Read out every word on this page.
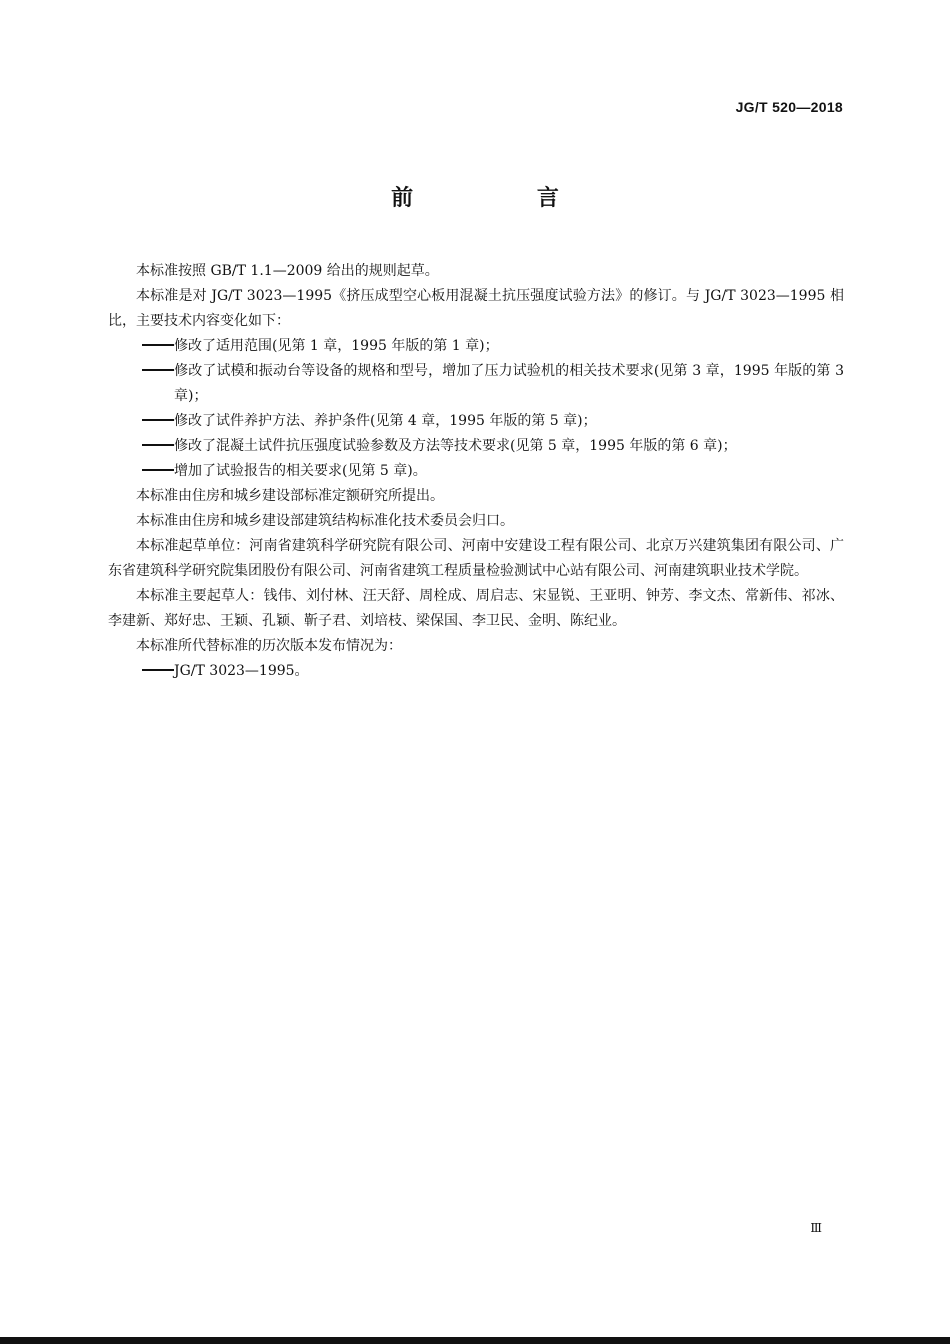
JG/T 520—2018
前 言

本标准按照 GB/T 1.1—2009 给出的规则起草。

本标准是对 JG/T 3023—1995《挤压成型空心板用混凝土抗压强度试验方法》的修订。与 JG/T 3023—1995 相比，主要技术内容变化如下：

修改了适用范围(见第 1 章，1995 年版的第 1 章)；

修改了试模和振动台等设备的规格和型号，增加了压力试验机的相关技术要求(见第 3 章，1995 年版的第 3 章)；

修改了试件养护方法、养护条件(见第 4 章，1995 年版的第 5 章)；

修改了混凝土试件抗压强度试验参数及方法等技术要求(见第 5 章，1995 年版的第 6 章)；

增加了试验报告的相关要求(见第 5 章)。

本标准由住房和城乡建设部标准定额研究所提出。

本标准由住房和城乡建设部建筑结构标准化技术委员会归口。

本标准起草单位：河南省建筑科学研究院有限公司、河南中安建设工程有限公司、北京万兴建筑集团有限公司、广东省建筑科学研究院集团股份有限公司、河南省建筑工程质量检验测试中心站有限公司、河南建筑职业技术学院。

本标准主要起草人：钱伟、刘付林、汪天舒、周栓成、周启志、宋显锐、王亚明、钟芳、李文杰、常新伟、祁冰、李建新、郑好忠、王颖、孔颖、靳子君、刘培枝、梁保国、李卫民、金明、陈纪业。

本标准所代替标准的历次版本发布情况为：

JG/T 3023—1995。

Ⅲ
